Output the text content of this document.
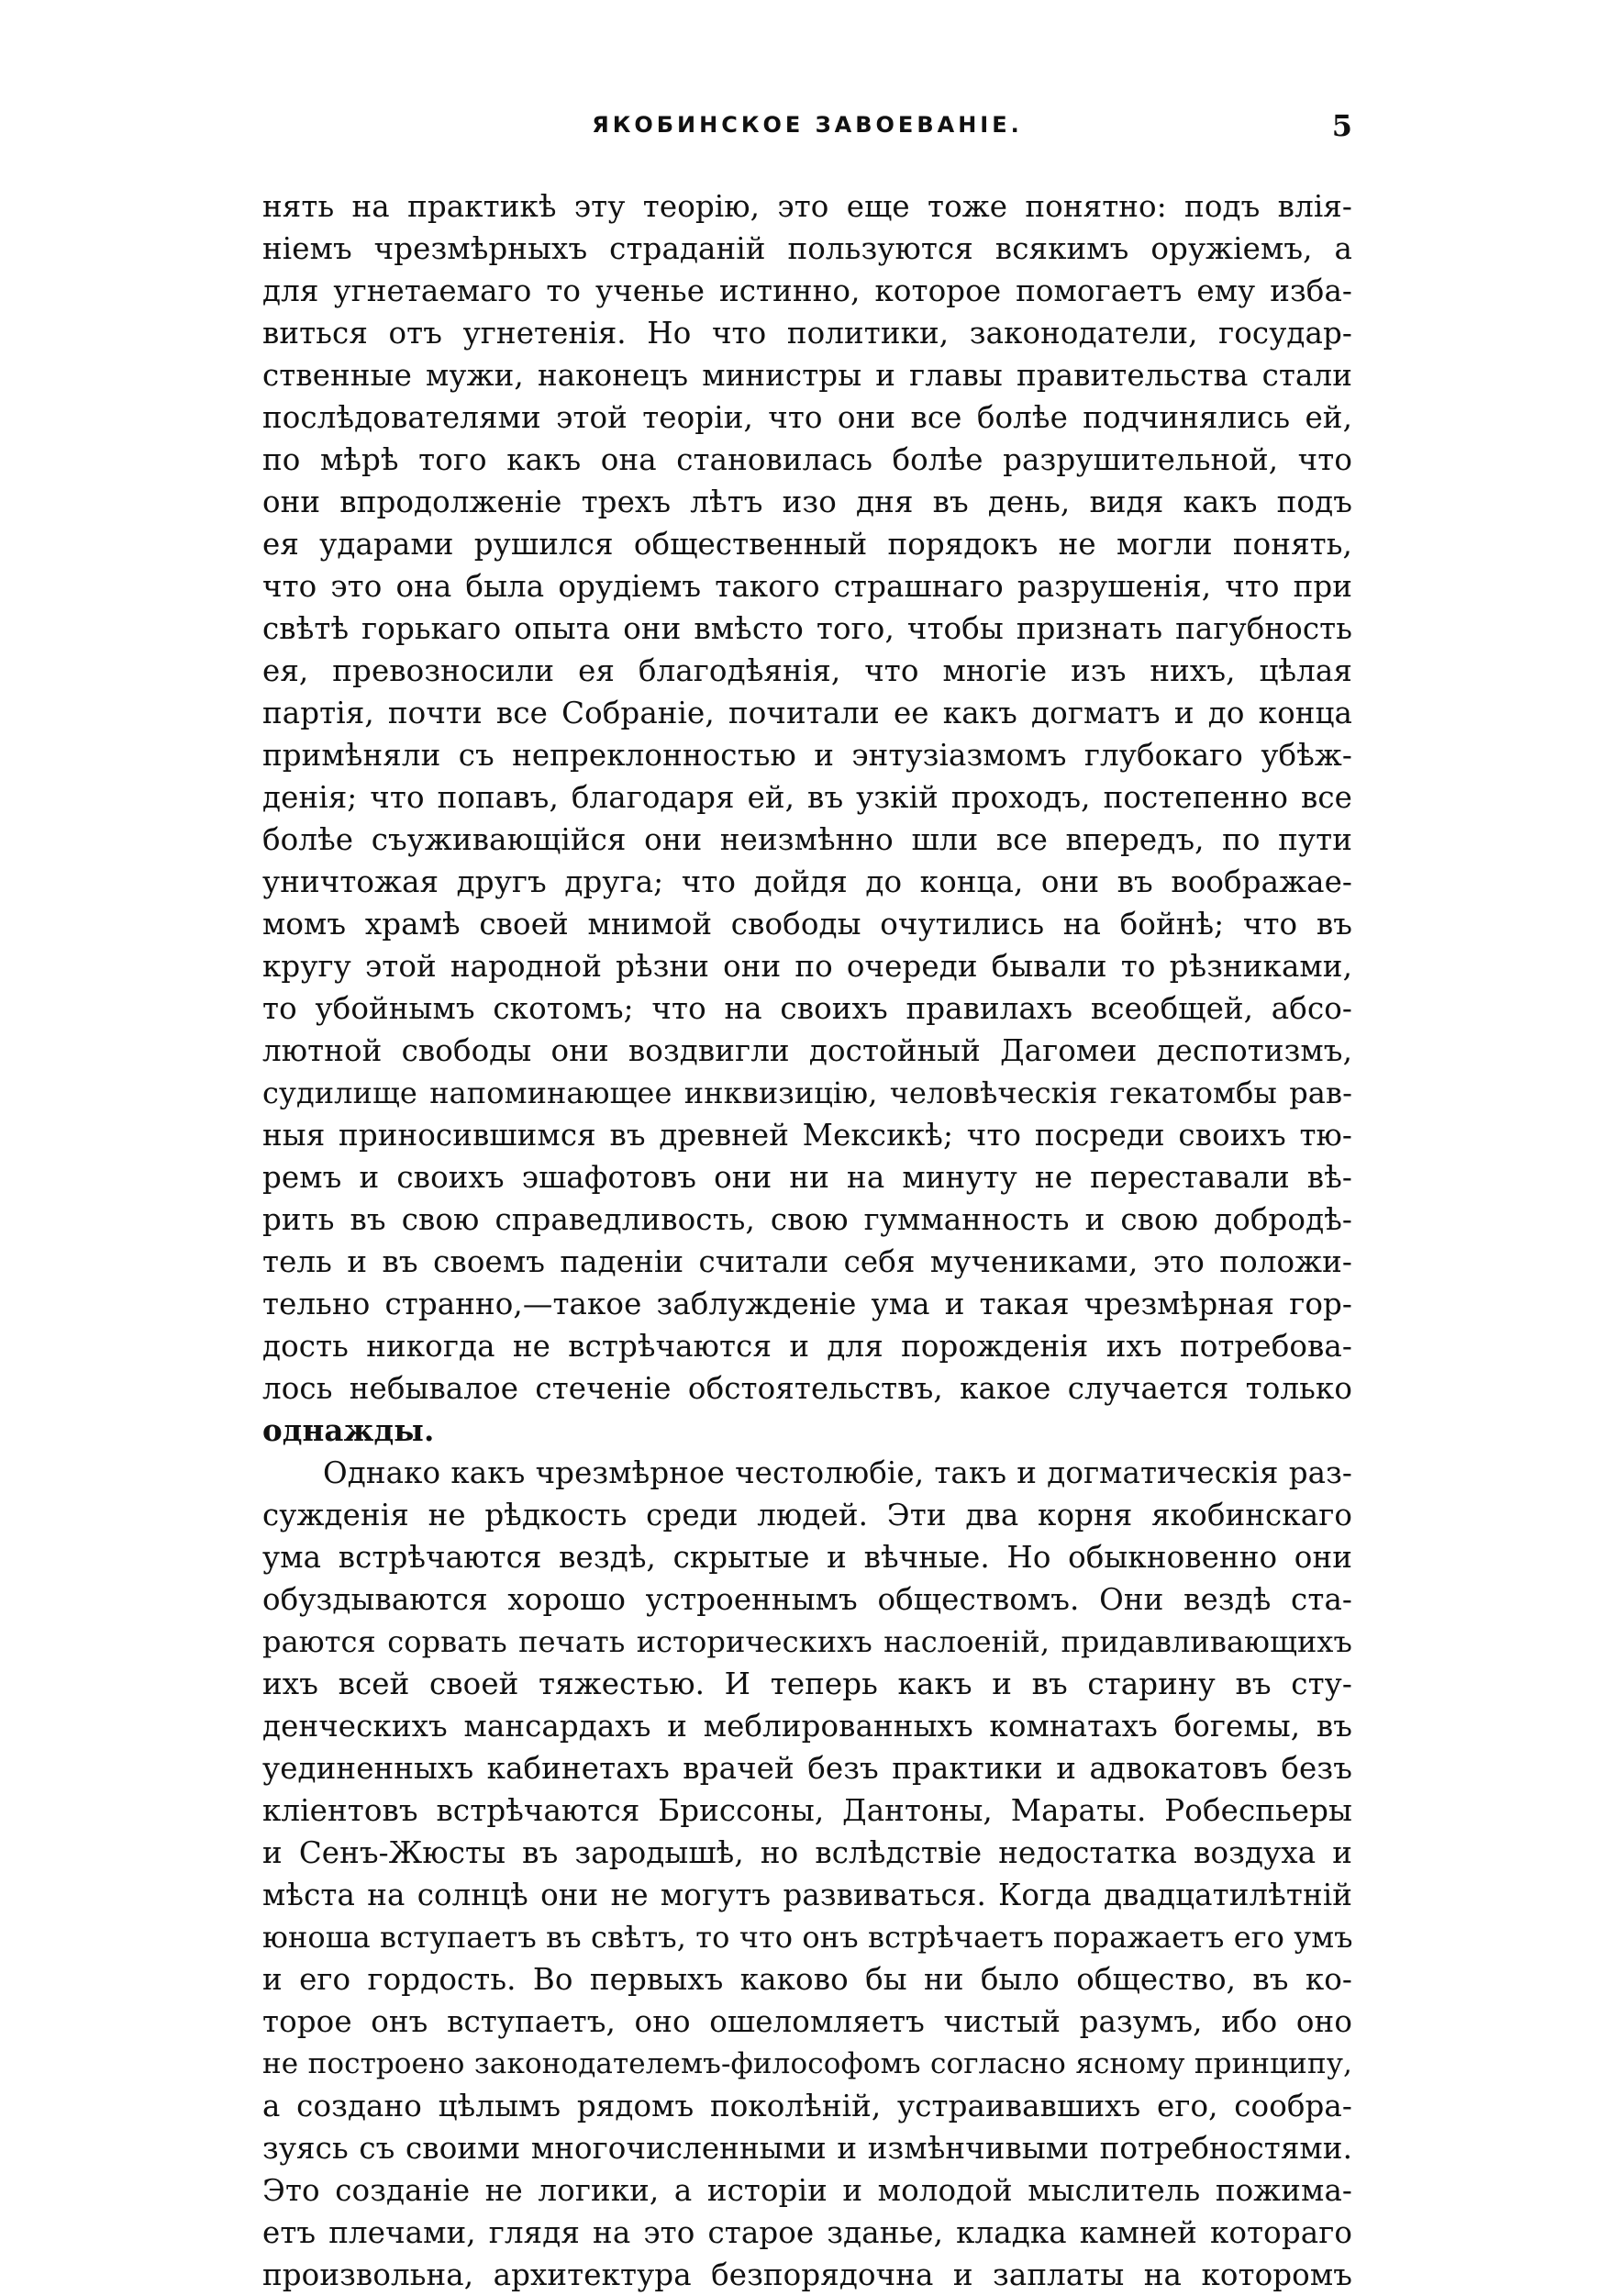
ЯКОБИНСКОЕ ЗАВОЕВАНІЕ.	5
нять на практикѣ эту теорію, это еще тоже понятно: подъ влія-
ніемъ чрезмѣрныхъ страданій пользуются всякимъ оружіемъ, а
для угнетаемаго то ученье истинно, которое помогаетъ ему изба-
виться отъ угнетенія. Но что политики, законодатели, государ-
ственные мужи, наконецъ министры и главы правительства стали
послѣдователями этой теоріи, что они все болѣе подчинялись ей,
по мѣрѣ того какъ она становилась болѣе разрушительной, что
они впродолженіе трехъ лѣтъ изо дня въ день, видя какъ подъ
ея ударами рушился общественный порядокъ не могли понять,
что это она была орудіемъ такого страшнаго разрушенія, что при
свѣтѣ горькаго опыта они вмѣсто того, чтобы признать пагубность
ея, превозносили ея благодѣянія, что многіе изъ нихъ, цѣлая
партія, почти все Собраніе, почитали ее какъ догматъ и до конца
примѣняли съ непреклонностью и энтузіазмомъ глубокаго убѣж-
денія; что попавъ, благодаря ей, въ узкій проходъ, постепенно все
болѣе съуживающійся они неизмѣнно шли все впередъ, по пути
уничтожая другъ друга; что дойдя до конца, они въ воображае-
момъ храмѣ своей мнимой свободы очутились на бойнѣ; что въ
кругу этой народной рѣзни они по очереди бывали то рѣзниками,
то убойнымъ скотомъ; что на своихъ правилахъ всеобщей, абсо-
лютной свободы они воздвигли достойный Дагомеи деспотизмъ,
судилище напоминающее инквизицію, человѣческія гекатомбы рав-
ныя приносившимся въ древней Мексикѣ; что посреди своихъ тю-
ремъ и своихъ эшафотовъ они ни на минуту не переставали вѣ-
рить въ свою справедливость, свою гумманность и свою добродѣ-
тель и въ своемъ паденіи считали себя мучениками, это положи-
тельно странно,—такое заблужденіе ума и такая чрезмѣрная гор-
дость никогда не встрѣчаются и для порожденія ихъ потребова-
лось небывалое стеченіе обстоятельствъ, какое случается только
однажды.
Однако какъ чрезмѣрное честолюбіе, такъ и догматическія раз-
сужденія не рѣдкость среди людей. Эти два корня якобинскаго
ума встрѣчаются вездѣ, скрытые и вѣчные. Но обыкновенно они
обуздываются хорошо устроеннымъ обществомъ. Они вездѣ ста-
раются сорвать печать историческихъ наслоеній, придавливающихъ
ихъ всей своей тяжестью. И теперь какъ и въ старину въ сту-
денческихъ мансардахъ и меблированныхъ комнатахъ богемы, въ
уединенныхъ кабинетахъ врачей безъ практики и адвокатовъ безъ
кліентовъ встрѣчаются Бриссоны, Дантоны, Мараты. Робеспьеры
и Сенъ-Жюсты въ зародышѣ, но вслѣдствіе недостатка воздуха и
мѣста на солнцѣ они не могутъ развиваться. Когда двадцатилѣтній
юноша вступаетъ въ свѣтъ, то что онъ встрѣчаетъ поражаетъ его умъ
и его гордость. Во первыхъ каково бы ни было общество, въ ко-
торое онъ вступаетъ, оно ошеломляетъ чистый разумъ, ибо оно
не построено законодателемъ-философомъ согласно ясному принципу,
а создано цѣлымъ рядомъ поколѣній, устраивавшихъ его, сообра-
зуясь съ своими многочисленными и измѣнчивыми потребностями.
Это созданіе не логики, а исторіи и молодой мыслитель пожима-
етъ плечами, глядя на это старое зданье, кладка камней котораго
произвольна, архитектура безпорядочна и заплаты на которомъ
